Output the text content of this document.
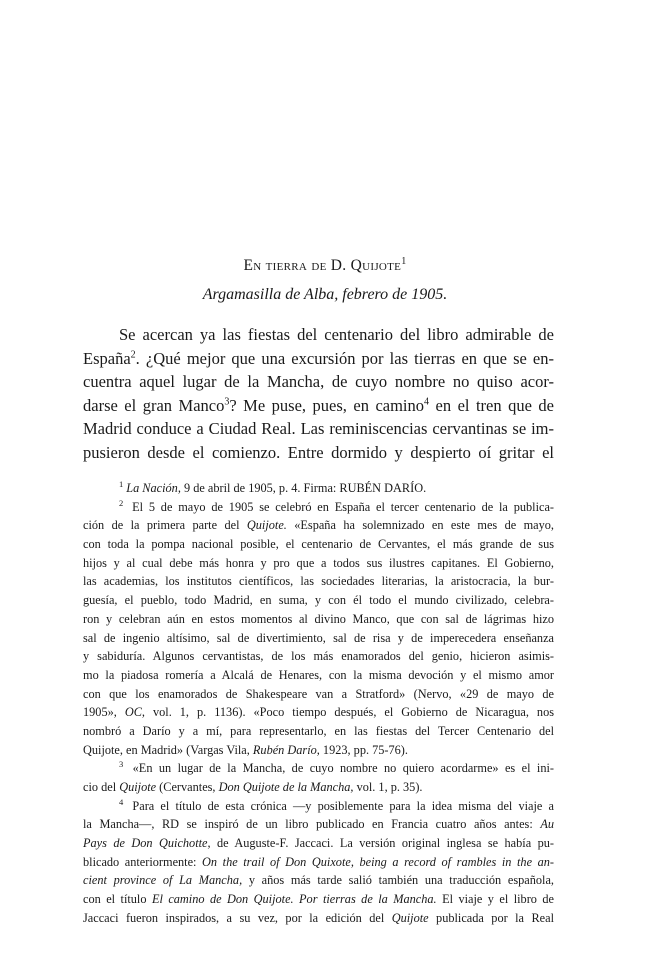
En tierra de D. Quijote$^1$
Argamasilla de Alba, febrero de 1905.
Se acercan ya las fiestas del centenario del libro admirable de
España$^2$. ¿Qué mejor que una excursión por las tierras en que se en-
cuentra aquel lugar de la Mancha, de cuyo nombre no quiso acor-
darse el gran Manco$^3$? Me puse, pues, en camino$^4$ en el tren que de
Madrid conduce a Ciudad Real. Las reminiscencias cervantinas se im-
pusieron desde el comienzo. Entre dormido y despierto oí gritar el
$^1$ La Nación, 9 de abril de 1905, p. 4. Firma: RUBÉN DARÍO.
$^2$ El 5 de mayo de 1905 se celebró en España el tercer centenario de la publica-
ción de la primera parte del Quijote. «España ha solemnizado en este mes de mayo,
con toda la pompa nacional posible, el centenario de Cervantes, el más grande de sus
hijos y al cual debe más honra y pro que a todos sus ilustres capitanes. El Gobierno,
las academias, los institutos científicos, las sociedades literarias, la aristocracia, la bur-
guesía, el pueblo, todo Madrid, en suma, y con él todo el mundo civilizado, celebra-
ron y celebran aún en estos momentos al divino Manco, que con sal de lágrimas hizo
sal de ingenio altísimo, sal de divertimiento, sal de risa y de imperecedera enseñanza
y sabiduría. Algunos cervantistas, de los más enamorados del genio, hicieron asimis-
mo la piadosa romería a Alcalá de Henares, con la misma devoción y el mismo amor
con que los enamorados de Shakespeare van a Stratford» (Nervo, «29 de mayo de
1905», OC, vol. 1, p. 1136). «Poco tiempo después, el Gobierno de Nicaragua, nos
nombró a Darío y a mí, para representarlo, en las fiestas del Tercer Centenario del
Quijote, en Madrid» (Vargas Vila, Rubén Darío, 1923, pp. 75-76).
$^3$ «En un lugar de la Mancha, de cuyo nombre no quiero acordarme» es el ini-
cio del Quijote (Cervantes, Don Quijote de la Mancha, vol. 1, p. 35).
$^4$ Para el título de esta crónica —y posiblemente para la idea misma del viaje a
la Mancha—, RD se inspiró de un libro publicado en Francia cuatro años antes: Au
Pays de Don Quichotte, de Auguste-F. Jaccaci. La versión original inglesa se había pu-
blicado anteriormente: On the trail of Don Quixote, being a record of rambles in the an-
cient province of La Mancha, y años más tarde salió también una traducción española,
con el título El camino de Don Quijote. Por tierras de la Mancha. El viaje y el libro de
Jaccaci fueron inspirados, a su vez, por la edición del Quijote publicada por la Real
